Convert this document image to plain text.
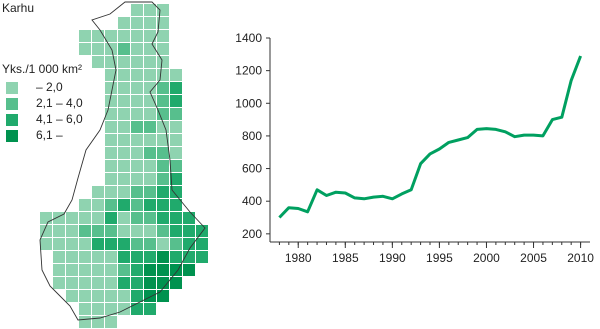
Karhu
Yks./1 000 km²
– 2,0
2,1 – 4,0
4,1 – 6,0
6,1 –
200
400
600
800
1000
1200
1400
1980 1985 1990 1995 2000 2005 2010
